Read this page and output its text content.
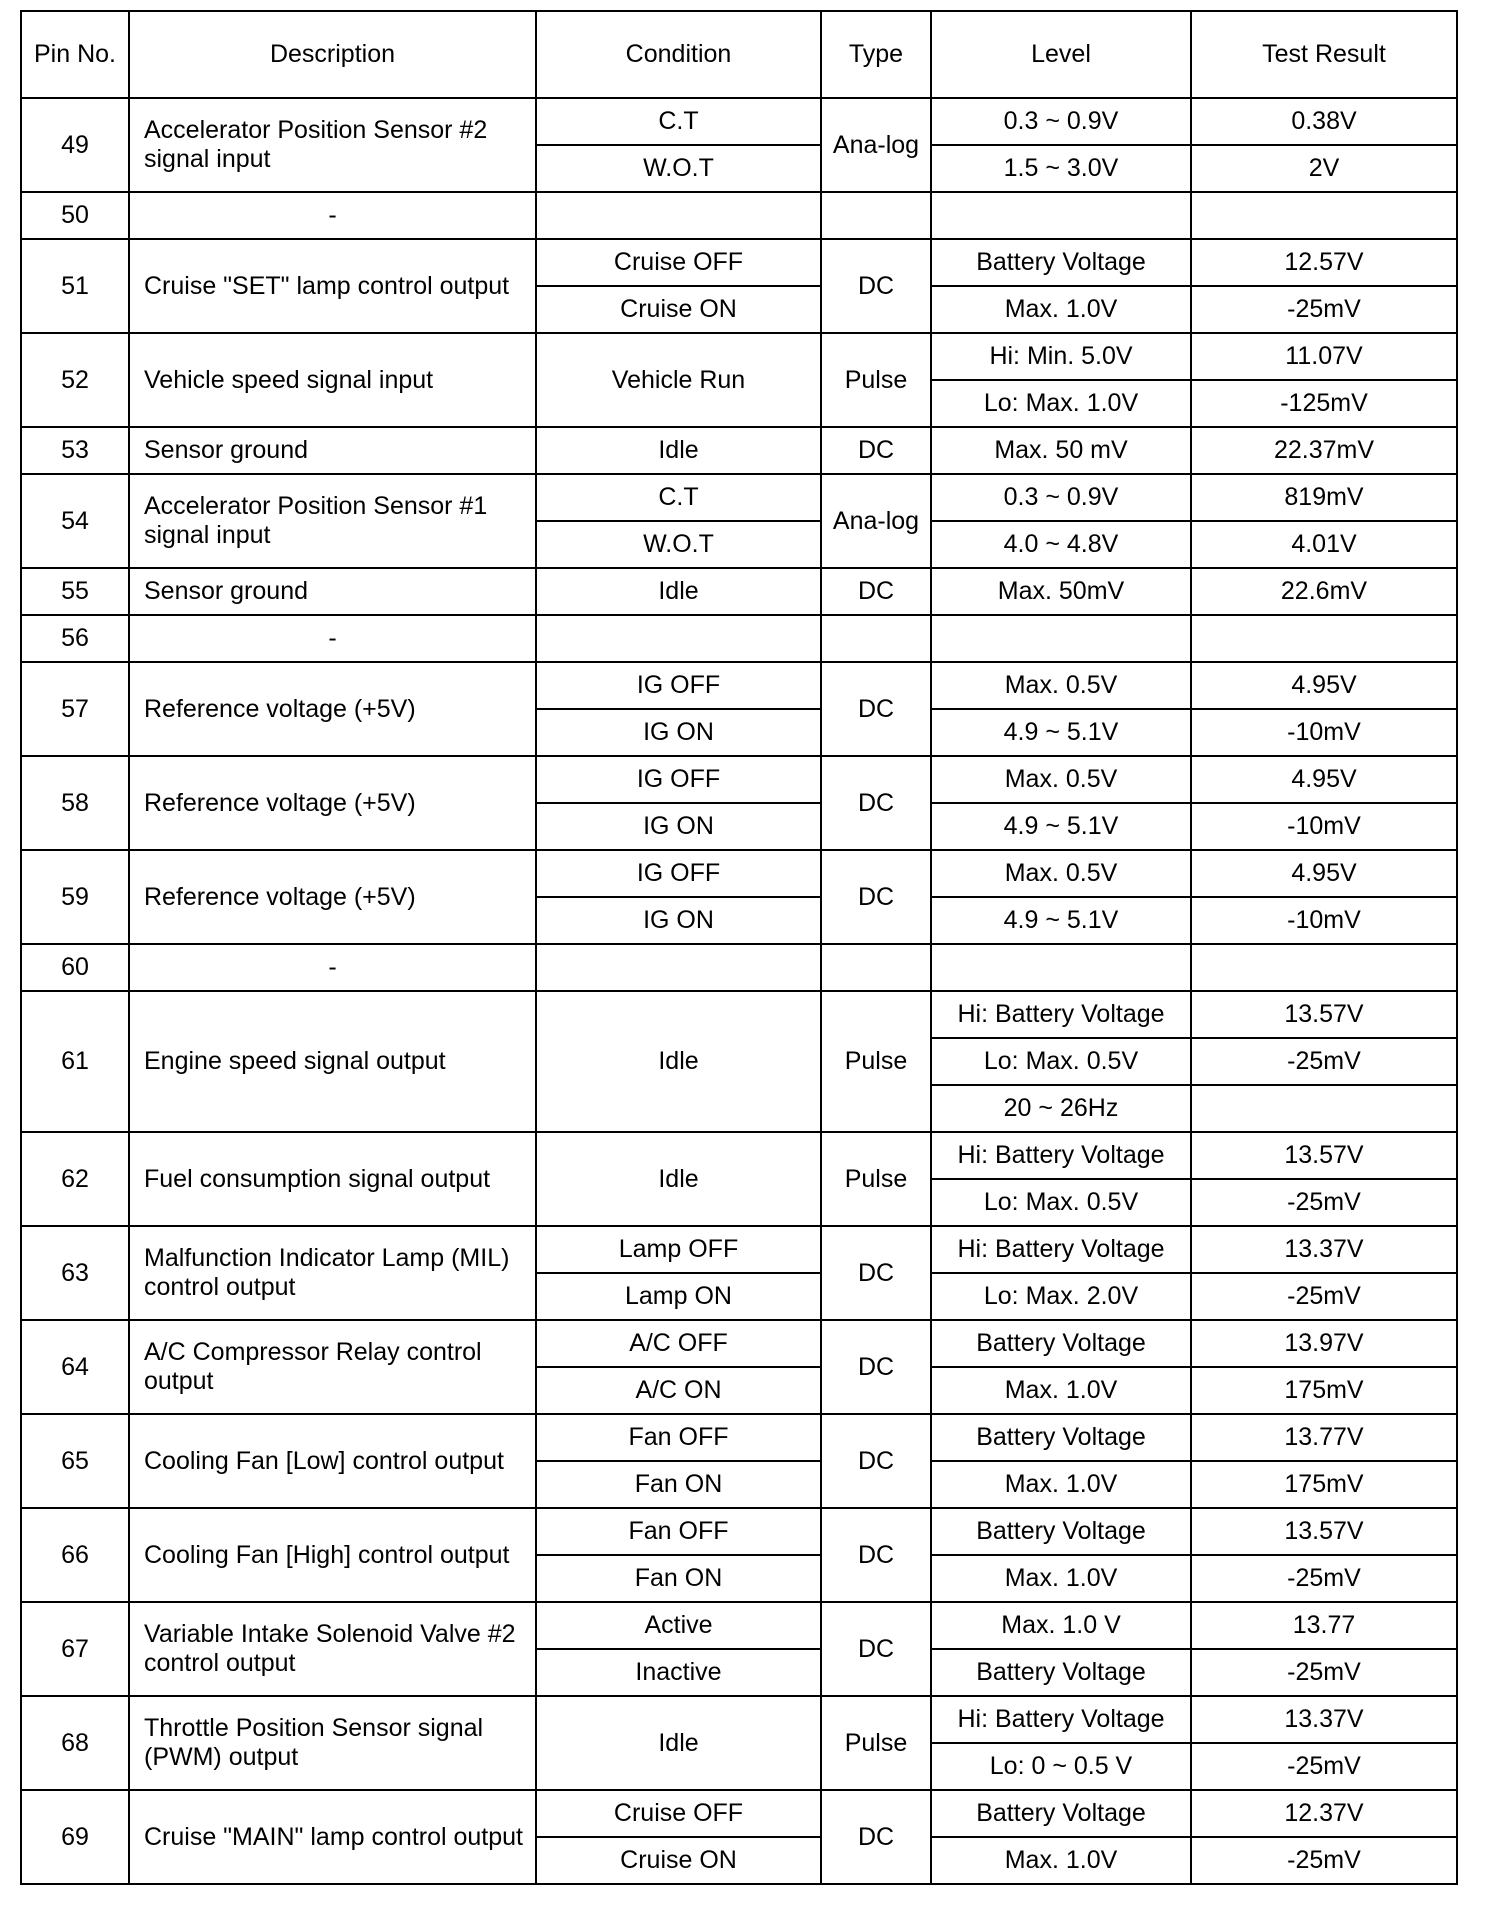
Pin No.	Description	Condition	Type	Level	Test Result
49	Accelerator Position Sensor #2 signal input	C.T	Ana-log	0.3 ~ 0.9V	0.38V
		W.O.T		1.5 ~ 3.0V	2V
50	-				
51	Cruise "SET" lamp control output	Cruise OFF	DC	Battery Voltage	12.57V
		Cruise ON		Max. 1.0V	-25mV
52	Vehicle speed signal input	Vehicle Run	Pulse	Hi: Min. 5.0V	11.07V
				Lo: Max. 1.0V	-125mV
53	Sensor ground	Idle	DC	Max. 50 mV	22.37mV
54	Accelerator Position Sensor #1 signal input	C.T	Ana-log	0.3 ~ 0.9V	819mV
		W.O.T		4.0 ~ 4.8V	4.01V
55	Sensor ground	Idle	DC	Max. 50mV	22.6mV
56	-				
57	Reference voltage (+5V)	IG OFF	DC	Max. 0.5V	4.95V
		IG ON		4.9 ~ 5.1V	-10mV
58	Reference voltage (+5V)	IG OFF	DC	Max. 0.5V	4.95V
		IG ON		4.9 ~ 5.1V	-10mV
59	Reference voltage (+5V)	IG OFF	DC	Max. 0.5V	4.95V
		IG ON		4.9 ~ 5.1V	-10mV
60	-				
61	Engine speed signal output	Idle	Pulse	Hi: Battery Voltage	13.57V
				Lo: Max. 0.5V	-25mV
				20 ~ 26Hz	
62	Fuel consumption signal output	Idle	Pulse	Hi: Battery Voltage	13.57V
				Lo: Max. 0.5V	-25mV
63	Malfunction Indicator Lamp (MIL) control output	Lamp OFF	DC	Hi: Battery Voltage	13.37V
		Lamp ON		Lo: Max. 2.0V	-25mV
64	A/C Compressor Relay control output	A/C OFF	DC	Battery Voltage	13.97V
		A/C ON		Max. 1.0V	175mV
65	Cooling Fan [Low] control output	Fan OFF	DC	Battery Voltage	13.77V
		Fan ON		Max. 1.0V	175mV
66	Cooling Fan [High] control output	Fan OFF	DC	Battery Voltage	13.57V
		Fan ON		Max. 1.0V	-25mV
67	Variable Intake Solenoid Valve #2 control output	Active	DC	Max. 1.0 V	13.77
		Inactive		Battery Voltage	-25mV
68	Throttle Position Sensor signal (PWM) output	Idle	Pulse	Hi: Battery Voltage	13.37V
				Lo: 0 ~ 0.5 V	-25mV
69	Cruise "MAIN" lamp control output	Cruise OFF	DC	Battery Voltage	12.37V
		Cruise ON		Max. 1.0V	-25mV
